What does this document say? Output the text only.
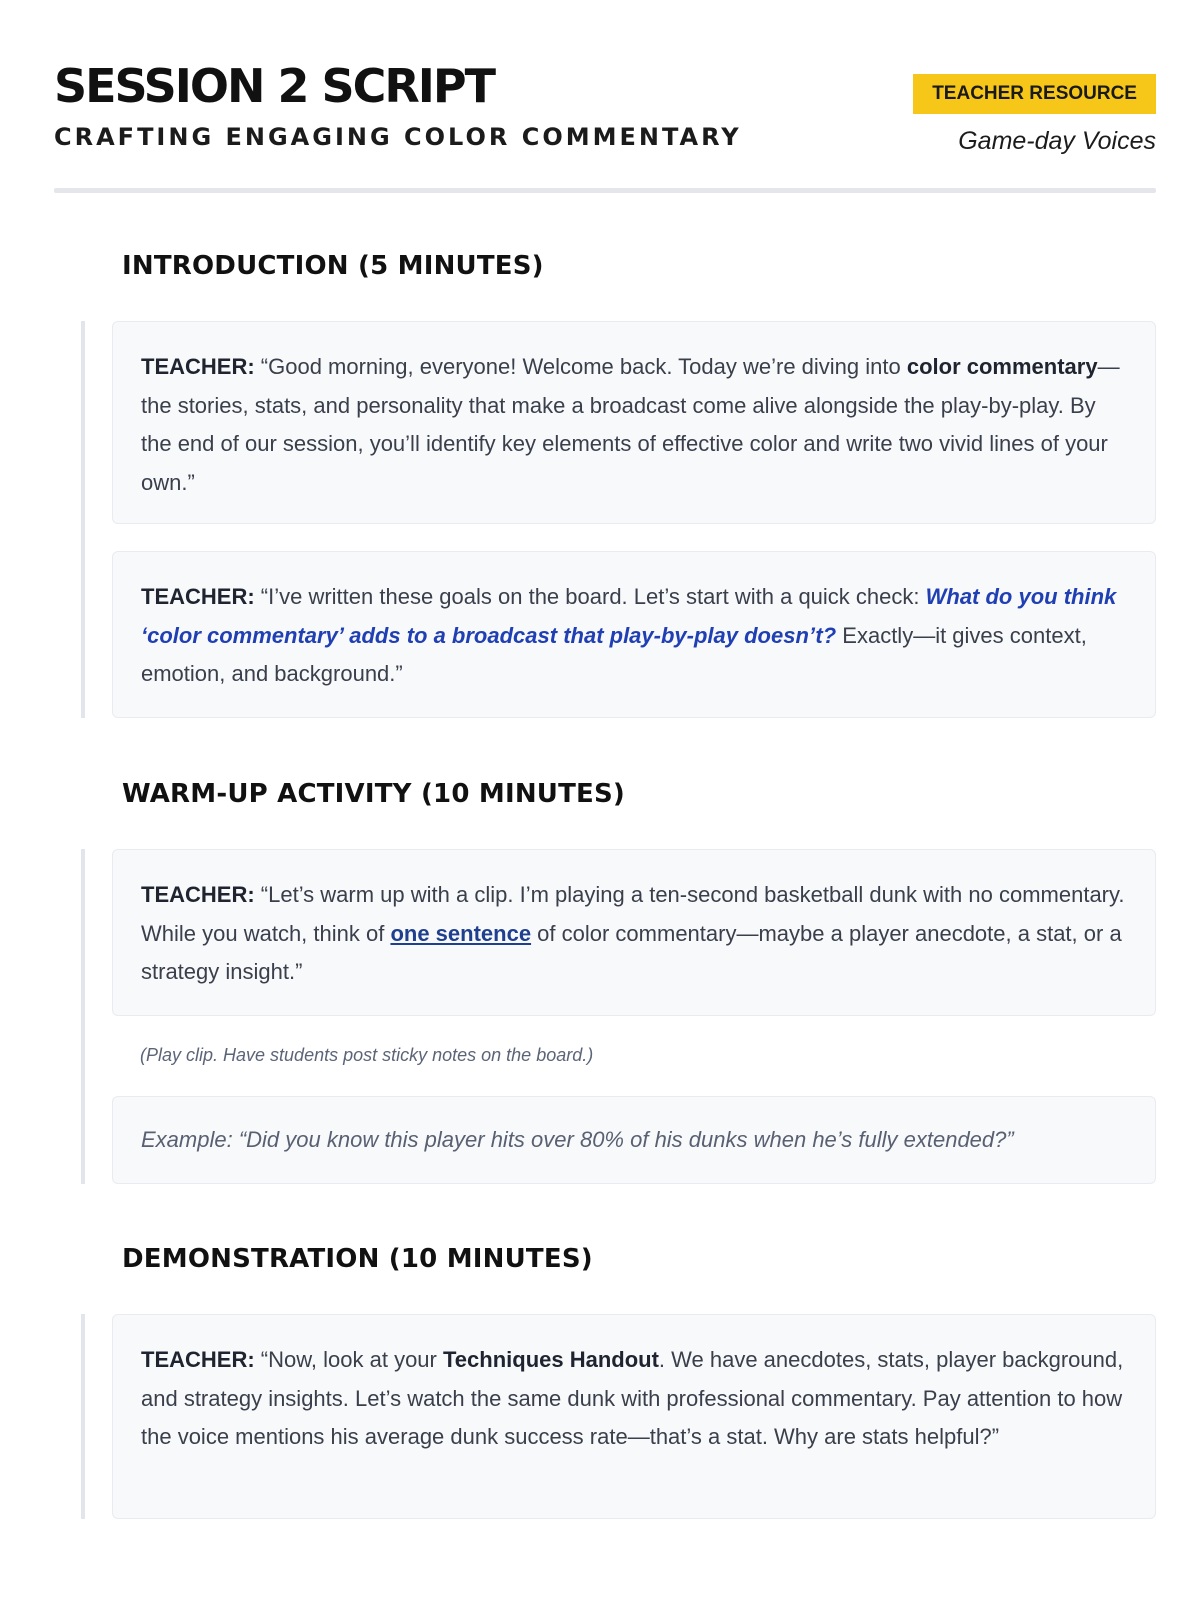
SESSION 2 SCRIPT
CRAFTING ENGAGING COLOR COMMENTARY
TEACHER RESOURCE
Game-day Voices
INTRODUCTION (5 MINUTES)
TEACHER: “Good morning, everyone! Welcome back. Today we’re diving into color commentary—the stories, stats, and personality that make a broadcast come alive alongside the play-by-play. By the end of our session, you’ll identify key elements of effective color and write two vivid lines of your own.”
TEACHER: “I’ve written these goals on the board. Let’s start with a quick check: What do you think ‘color commentary’ adds to a broadcast that play-by-play doesn’t? Exactly—it gives context, emotion, and background.”
WARM-UP ACTIVITY (10 MINUTES)
TEACHER: “Let’s warm up with a clip. I’m playing a ten-second basketball dunk with no commentary. While you watch, think of one sentence of color commentary—maybe a player anecdote, a stat, or a strategy insight.”
(Play clip. Have students post sticky notes on the board.)
Example: “Did you know this player hits over 80% of his dunks when he’s fully extended?”
DEMONSTRATION (10 MINUTES)
TEACHER: “Now, look at your Techniques Handout. We have anecdotes, stats, player background, and strategy insights. Let’s watch the same dunk with professional commentary. Pay attention to how the voice mentions his average dunk success rate—that’s a stat. Why are stats helpful?”
